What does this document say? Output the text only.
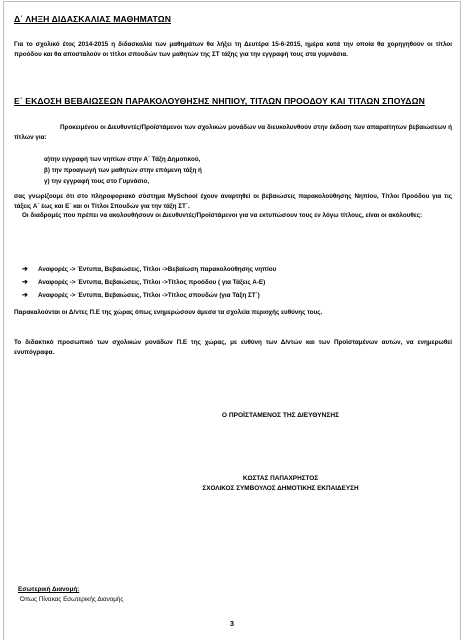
Δ΄ ΛΗΞΗ ΔΙΔΑΣΚΑΛΙΑΣ ΜΑΘΗΜΑΤΩΝ
Για το σχολικό έτος 2014-2015 η διδασκαλία των μαθημάτων θα λήξει τη Δευτέρα 15-6-2015, ημέρα κατά την οποία θα χορηγηθούν οι τίτλοι προόδου και θα αποσταλούν οι τίτλοι σπουδών των μαθητών της ΣΤ τάξης για την εγγραφή τους στα γυμνάσια.
Ε΄ ΕΚΔΟΣΗ ΒΕΒΑΙΩΣΕΩΝ ΠΑΡΑΚΟΛΟΥΘΗΣΗΣ ΝΗΠΙΟΥ, ΤΙΤΛΩΝ ΠΡΟΟΔΟΥ ΚΑΙ ΤΙΤΛΩΝ ΣΠΟΥΔΩΝ
Προκειμένου οι Διευθυντές/Προϊστάμενοι των σχολικών μονάδων να διευκολυνθούν στην έκδοση των απαραίτητων βεβαιώσεων ή τίτλων για:
α)την εγγραφή των νηπίων στην Α΄ Τάξη Δημοτικού,
β) την προαγωγή των μαθητών στην επόμενη τάξη ή
γ) την εγγραφή τους στο Γυμνάσιο,
σας γνωρίζουμε ότι στο πληροφοριακό σύστημα MySchool έχουν αναρτηθεί οι βεβαιώσεις παρακολούθησης Νηπίου, Τίτλοι Προόδου για τις τάξεις Α΄ έως και Ε΄ και οι Τίτλοι Σπουδών για την τάξη ΣΤ΄.
Οι διαδρομές που πρέπει να ακολουθήσουν οι Διευθυντές/Προϊστάμενοι για να εκτυπώσουν τους εν λόγω τίτλους, είναι οι ακόλουθες:
➔	Αναφορές -> Έντυπα, Βεβαιώσεις, Τίτλοι -> Βεβαίωση παρακολούθησης νηπίου
➔	Αναφορές -> Έντυπα, Βεβαιώσεις, Τίτλοι -> Τίτλος προόδου ( για Τάξεις Α-Ε)
➔	Αναφορές -> Έντυπα, Βεβαιώσεις, Τίτλοι -> Τίτλος σπουδών (για Τάξη ΣΤ΄)
Παρακαλούνται οι Δ/ντες Π.Ε της χώρας όπως ενημερώσουν άμεσα τα σχολεία περιοχής ευθύνης τους.
Το διδακτικό προσωπικό των σχολικών μονάδων Π.Ε της χώρας, με ευθύνη των Δ/ντών και των Προϊσταμένων αυτών, να ενημερωθεί ενυπόγραφα.
Ο ΠΡΟΪΣΤΑΜΕΝΟΣ ΤΗΣ ΔΙΕΥΘΥΝΣΗΣ
ΚΩΣΤΑΣ ΠΑΠΑΧΡΗΣΤΟΣ
ΣΧΟΛΙΚΟΣ ΣΥΜΒΟΥΛΟΣ ΔΗΜΟΤΙΚΗΣ ΕΚΠΑΙΔΕΥΣΗ
Εσωτερική Διανομή:
Όπως Πίνακας Εσωτερικής Διανομής
3
